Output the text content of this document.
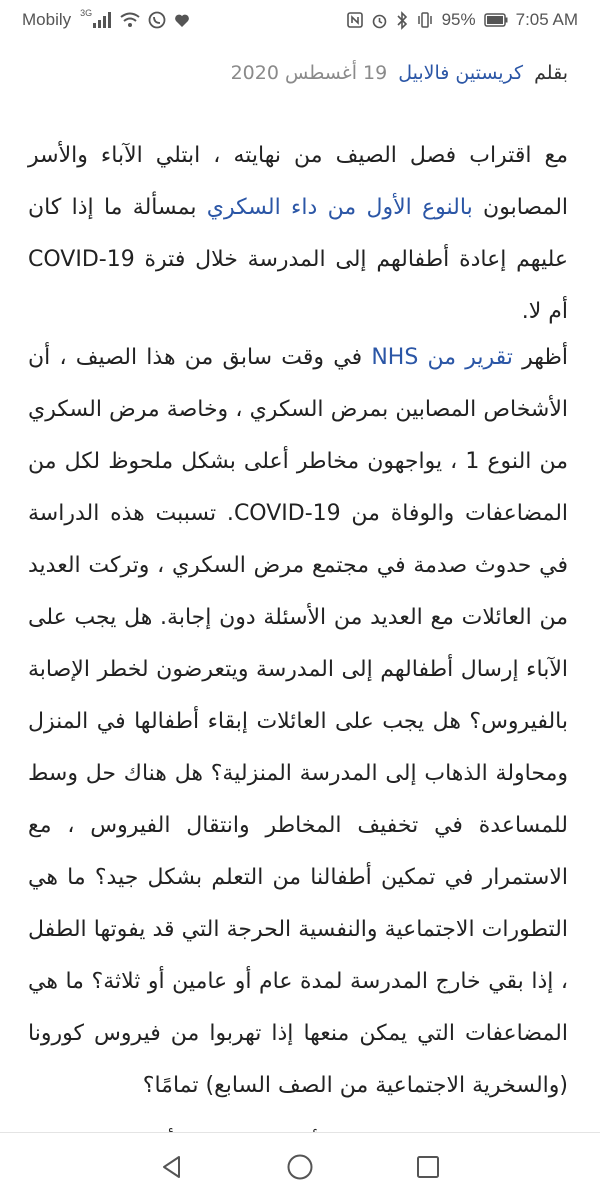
Mobily 3G	95% 7:05 AM
بقلم كريستين فالابيل 19 أغسطس 2020

مع اقتراب فصل الصيف من نهايته ، ابتلي الآباء والأسر المصابون بالنوع الأول من داء السكري بمسألة ما إذا كان عليهم إعادة أطفالهم إلى المدرسة خلال فترة COVID-19 أم لا.

أظهر تقرير من NHS في وقت سابق من هذا الصيف ، أن الأشخاص المصابين بمرض السكري ، وخاصة مرض السكري من النوع 1 ، يواجهون مخاطر أعلى بشكل ملحوظ لكل من المضاعفات والوفاة من COVID-19. تسببت هذه الدراسة في حدوث صدمة في مجتمع مرض السكري ، وتركت العديد من العائلات مع العديد من الأسئلة دون إجابة. هل يجب على الآباء إرسال أطفالهم إلى المدرسة ويتعرضون لخطر الإصابة بالفيروس؟ هل يجب على العائلات إبقاء أطفالها في المنزل ومحاولة الذهاب إلى المدرسة المنزلية؟ هل هناك حل وسط للمساعدة في تخفيف المخاطر وانتقال الفيروس ، مع الاستمرار في تمكين أطفالنا من التعلم بشكل جيد؟ ما هي التطورات الاجتماعية والنفسية الحرجة التي قد يفوتها الطفل ، إذا بقي خارج المدرسة لمدة عام أو عامين أو ثلاثة؟ ما هي المضاعفات التي يمكن منعها إذا تهربوا من فيروس كورونا (والسخرية الاجتماعية من الصف السابع) تمامًا؟
